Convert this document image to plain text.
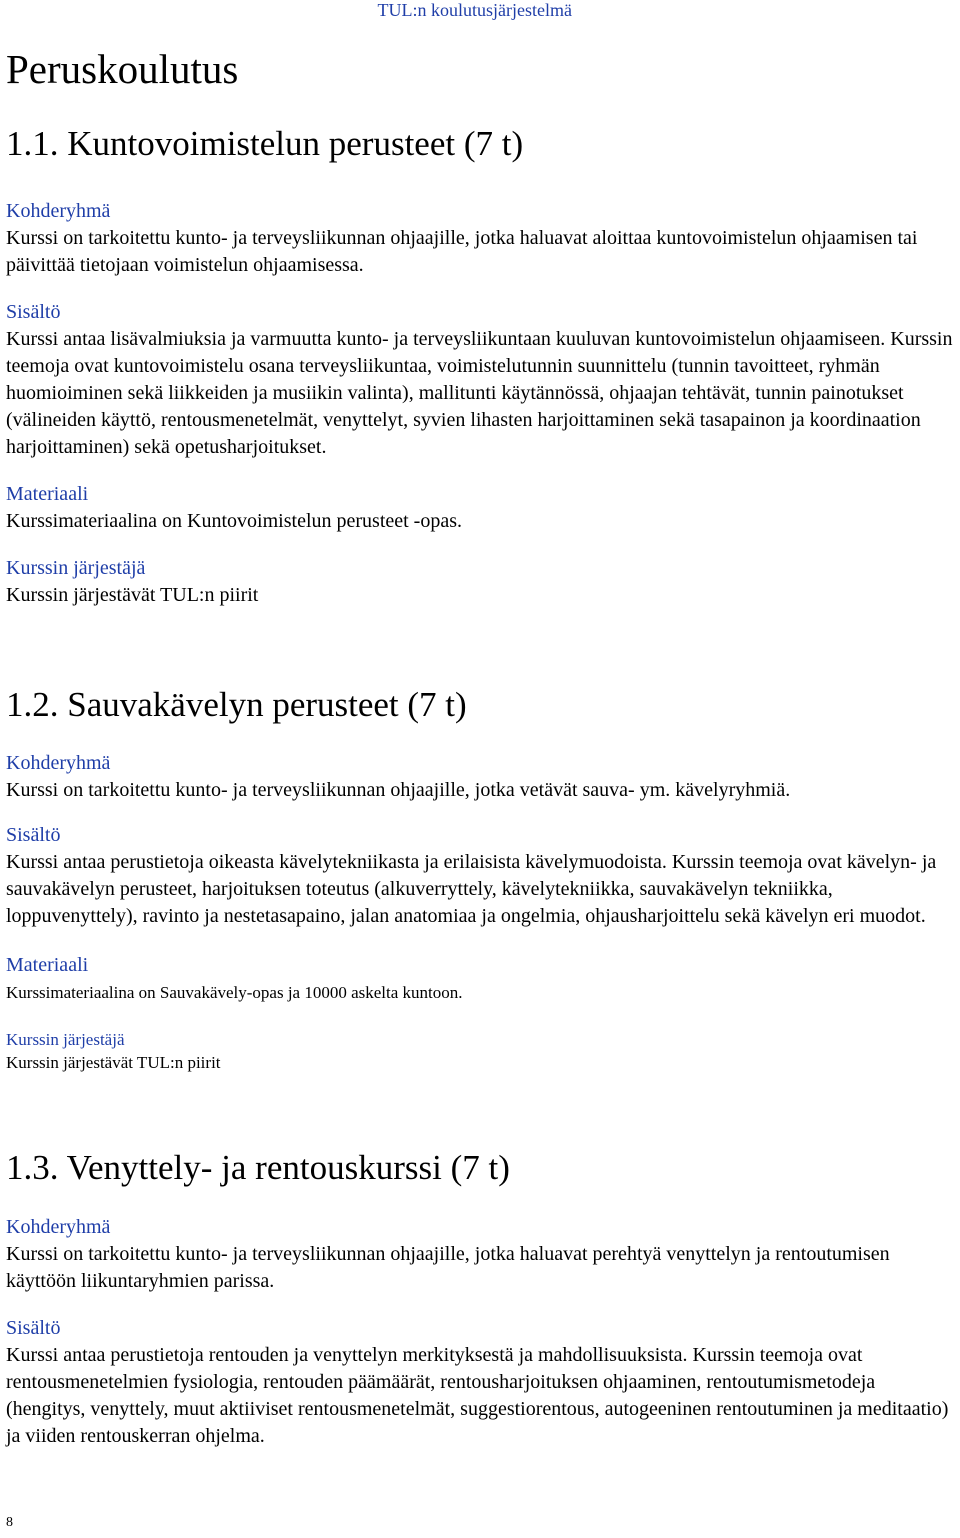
TUL:n koulutusjärjestelmä
Peruskoulutus
1.1. Kuntovoimistelun perusteet (7 t)

Kohderyhmä

Kurssi on tarkoitettu kunto- ja terveysliikunnan ohjaajille, jotka haluavat aloittaa kuntovoimistelun ohjaamisen tai päivittää tietojaan voimistelun ohjaamisessa.

Sisältö

Kurssi antaa lisävalmiuksia ja varmuutta kunto- ja terveysliikuntaan kuuluvan kuntovoimistelun ohjaamiseen. Kurssin teemoja ovat kuntovoimistelu osana terveysliikuntaa, voimistelutunnin suunnittelu (tunnin tavoitteet, ryhmän huomioiminen sekä liikkeiden ja musiikin valinta), mallitunti käytännössä, ohjaajan tehtävät, tunnin painotukset (välineiden käyttö, rentousmenetelmät, venyttelyt, syvien lihasten harjoittaminen sekä tasapainon ja koordinaation harjoittaminen) sekä opetusharjoitukset.

Materiaali

Kurssimateriaalina on Kuntovoimistelun perusteet -opas.

Kurssin järjestäjä

Kurssin järjestävät TUL:n piirit

1.2. Sauvakävelyn perusteet (7 t)

Kohderyhmä

Kurssi on tarkoitettu kunto- ja terveysliikunnan ohjaajille, jotka vetävät sauva- ym. kävelyryhmiä.

Sisältö

Kurssi antaa perustietoja oikeasta kävelytekniikasta ja erilaisista kävelymuodoista. Kurssin teemoja ovat kävelyn- ja sauvakävelyn perusteet, harjoituksen toteutus (alkuverryttely, kävelytekniikka, sauvakävelyn tekniikka, loppuvenyttely), ravinto ja nestetasapaino, jalan anatomiaa ja ongelmia, ohjausharjoittelu sekä kävelyn eri muodot.

Materiaali

Kurssimateriaalina on Sauvakävely-opas ja 10000 askelta kuntoon.

Kurssin järjestäjä

Kurssin järjestävät TUL:n piirit

1.3. Venyttely- ja rentouskurssi (7 t)

Kohderyhmä

Kurssi on tarkoitettu kunto- ja terveysliikunnan ohjaajille, jotka haluavat perehtyä venyttelyn ja rentoutumisen käyttöön liikuntaryhmien parissa.

Sisältö

Kurssi antaa perustietoja rentouden ja venyttelyn merkityksestä ja mahdollisuuksista. Kurssin teemoja ovat rentousmenetelmien fysiologia, rentouden päämäärät, rentousharjoituksen ohjaaminen, rentoutumismetodeja (hengitys, venyttely, muut aktiiviset rentousmenetelmät, suggestiorentous, autogeeninen rentoutuminen ja meditaatio) ja viiden rentouskerran ohjelma.

8
